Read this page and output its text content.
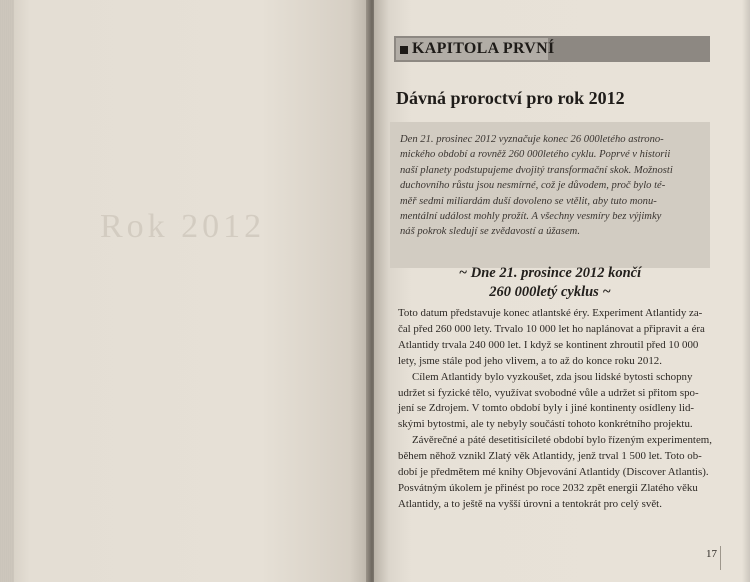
Rok 2012
KAPITOLA PRVNÍ
Dávná proroctví pro rok 2012
Den 21. prosinec 2012 vyznačuje konec 26 000letého astrono-
mického období a rovněž 260 000letého cyklu. Poprvé v historii
naší planety podstupujeme dvojitý transformační skok. Možnosti
duchovního růstu jsou nesmírné, což je důvodem, proč bylo té-
měř sedmi miliardám duší dovoleno se vtělit, aby tuto monu-
mentální událost mohly prožít. A všechny vesmíry bez výjimky
náš pokrok sledují se zvědavostí a úžasem.
~ Dne 21. prosince 2012 končí
260 000letý cyklus ~
Toto datum představuje konec atlantské éry. Experiment Atlantidy za-
čal před 260 000 lety. Trvalo 10 000 let ho naplánovat a připravit a éra
Atlantidy trvala 240 000 let. I když se kontinent zhroutil před 10 000
lety, jsme stále pod jeho vlivem, a to až do konce roku 2012.
Cílem Atlantidy bylo vyzkoušet, zda jsou lidské bytosti schopny
udržet si fyzické tělo, využívat svobodné vůle a udržet si přitom spo-
jení se Zdrojem. V tomto období byly i jiné kontinenty osídleny lid-
skými bytostmi, ale ty nebyly součástí tohoto konkrétního projektu.
Závěrečné a páté desetitisícileté období bylo řízeným experimentem,
během něhož vznikl Zlatý věk Atlantidy, jenž trval 1 500 let. Toto ob-
dobí je předmětem mé knihy Objevování Atlantidy (Discover Atlantis).
Posvátným úkolem je přinést po roce 2032 zpět energii Zlatého věku
Atlantidy, a to ještě na vyšší úrovni a tentokrát pro celý svět.
17
